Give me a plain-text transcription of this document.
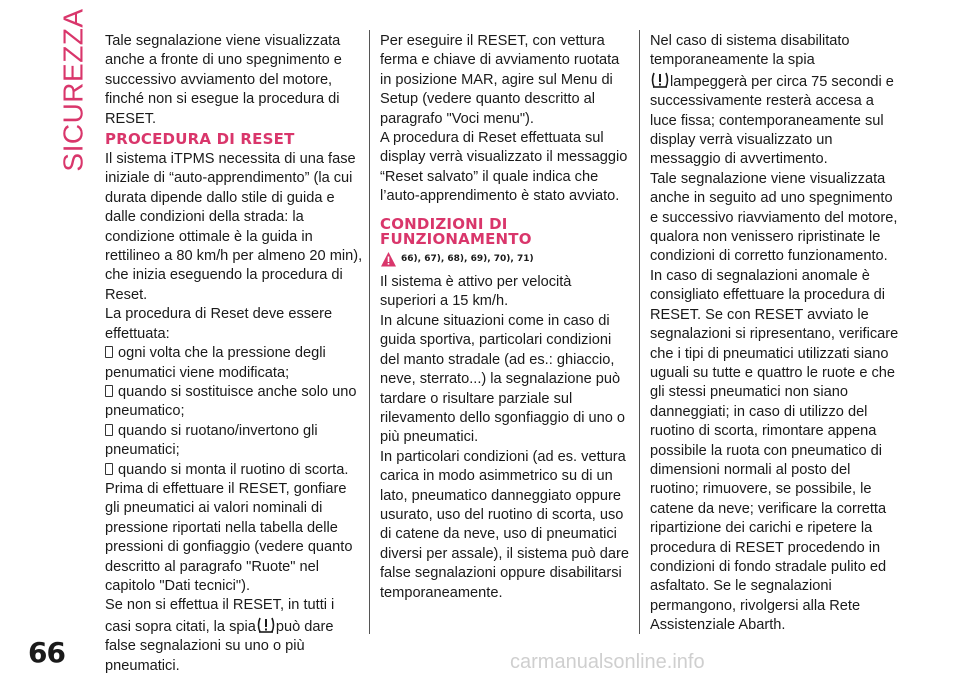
SICUREZZA Tale segnalazione viene visualizzata anche a fronte di uno spegnimento e successivo avviamento del motore, finché non si esegue la procedura di RESET.

PROCEDURA DI RESET

Il sistema iTPMS necessita di una fase iniziale di “auto-apprendimento” (la cui durata dipende dallo stile di guida e dalle condizioni della strada: la condizione ottimale è la guida in rettilineo a 80 km/h per almeno 20 min), che inizia eseguendo la procedura di Reset.

La procedura di Reset deve essere effettuata:

ogni volta che la pressione degli penumatici viene modificata;

quando si sostituisce anche solo uno pneumatico;

quando si ruotano/invertono gli pneumatici;

quando si monta il ruotino di scorta.

Prima di effettuare il RESET, gonfiare gli pneumatici ai valori nominali di pressione riportati nella tabella delle pressioni di gonfiaggio (vedere quanto descritto al paragrafo "Ruote" nel capitolo "Dati tecnici").

Se non si effettua il RESET, in tutti i casi sopra citati, la spia può dare false segnalazioni su uno o più pneumatici.

Per eseguire il RESET, con vettura ferma e chiave di avviamento ruotata in posizione MAR, agire sul Menu di Setup (vedere quanto descritto al paragrafo "Voci menu").

A procedura di Reset effettuata sul display verrà visualizzato il messaggio “Reset salvato” il quale indica che l’auto-apprendimento è stato avviato.

CONDIZIONI DI FUNZIONAMENTO
66), 67), 68), 69), 70), 71)

Il sistema è attivo per velocità superiori a 15 km/h.

In alcune situazioni come in caso di guida sportiva, particolari condizioni del manto stradale (ad es.: ghiaccio, neve, sterrato...) la segnalazione può tardare o risultare parziale sul rilevamento dello sgonfiaggio di uno o più pneumatici.

In particolari condizioni (ad es. vettura carica in modo asimmetrico su di un lato, pneumatico danneggiato oppure usurato, uso del ruotino di scorta, uso di catene da neve, uso di pneumatici diversi per assale), il sistema può dare false segnalazioni oppure disabilitarsi temporaneamente.

Nel caso di sistema disabilitato temporaneamente la spia
lampeggerà per circa 75 secondi e successivamente resterà accesa a luce fissa; contemporaneamente sul display verrà visualizzato un messaggio di avvertimento.

Tale segnalazione viene visualizzata anche in seguito ad uno spegnimento e successivo riavviamento del motore, qualora non venissero ripristinate le condizioni di corretto funzionamento.

In caso di segnalazioni anomale è consigliato effettuare la procedura di RESET. Se con RESET avviato le segnalazioni si ripresentano, verificare che i tipi di pneumatici utilizzati siano uguali su tutte e quattro le ruote e che gli stessi pneumatici non siano danneggiati; in caso di utilizzo del ruotino di scorta, rimontare appena possibile la ruota con pneumatico di dimensioni normali al posto del ruotino; rimuovere, se possibile, le catene da neve; verificare la corretta ripartizione dei carichi e ripetere la procedura di RESET procedendo in condizioni di fondo stradale pulito ed asfaltato. Se le segnalazioni permangono, rivolgersi alla Rete Assistenziale Abarth.

66	carmanualsonline.info
